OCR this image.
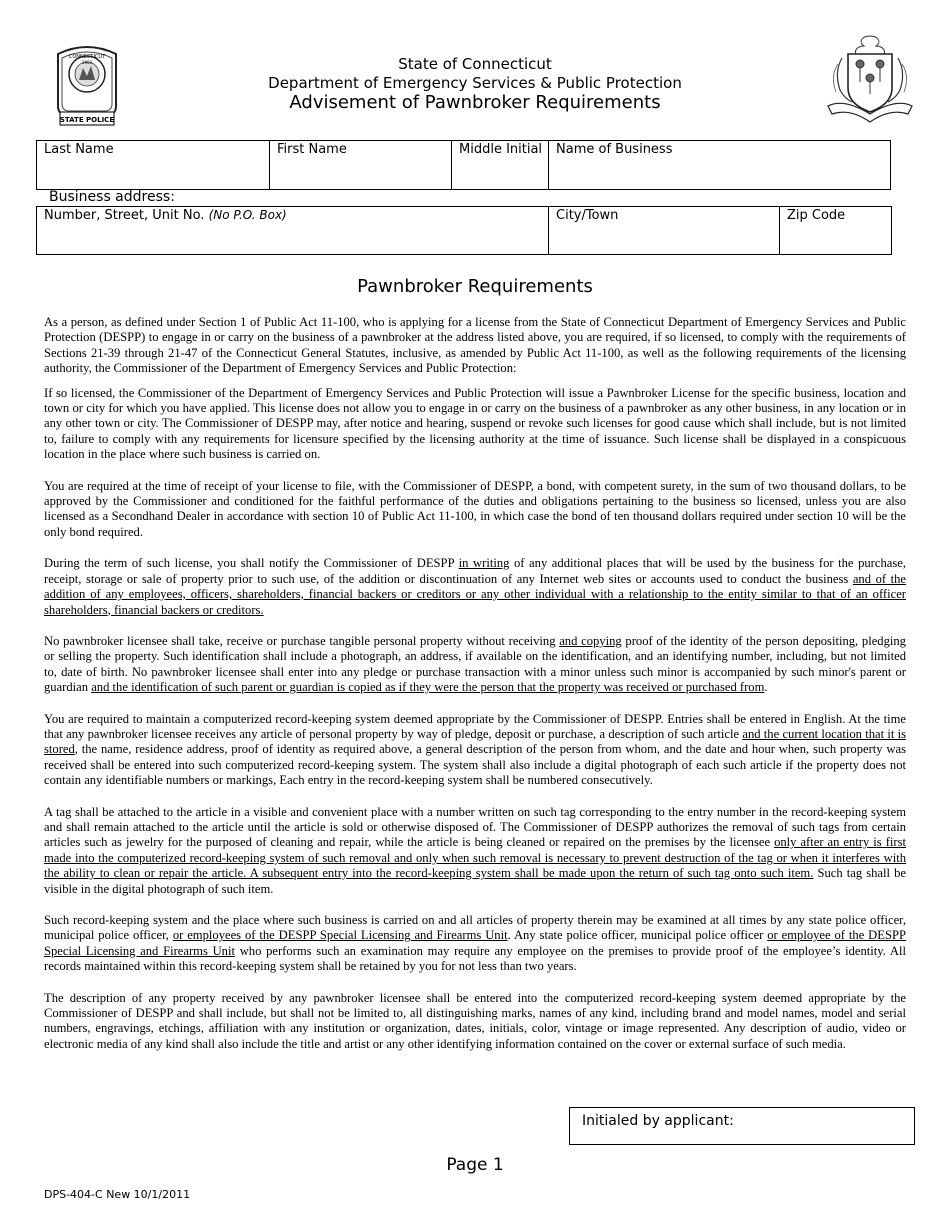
CONNECTICUT
1903
STATE POLICE
State of Connecticut
Department of Emergency Services & Public Protection
Advisement of Pawnbroker Requirements
Last Name	First Name	Middle Initial	Name of Business
Business address:
Number, Street, Unit No. (No P.O. Box)	City/Town	Zip Code
Pawnbroker Requirements

As a person, as defined under Section 1 of Public Act 11-100, who is applying for a license from the State of Connecticut Department of Emergency Services and Public Protection (DESPP) to engage in or carry on the business of a pawnbroker at the address listed above, you are required, if so licensed, to comply with the requirements of Sections 21-39 through 21-47 of the Connecticut General Statutes, inclusive, as amended by Public Act 11-100, as well as the following requirements of the licensing authority, the Commissioner of the Department of Emergency Services and Public Protection:

If so licensed, the Commissioner of the Department of Emergency Services and Public Protection will issue a Pawnbroker License for the specific business, location and town or city for which you have applied. This license does not allow you to engage in or carry on the business of a pawnbroker as any other business, in any location or in any other town or city. The Commissioner of DESPP may, after notice and hearing, suspend or revoke such licenses for good cause which shall include, but is not limited to, failure to comply with any requirements for licensure specified by the licensing authority at the time of issuance. Such license shall be displayed in a conspicuous location in the place where such business is carried on.

You are required at the time of receipt of your license to file, with the Commissioner of DESPP, a bond, with competent surety, in the sum of two thousand dollars, to be approved by the Commissioner and conditioned for the faithful performance of the duties and obligations pertaining to the business so licensed, unless you are also licensed as a Secondhand Dealer in accordance with section 10 of Public Act 11-100, in which case the bond of ten thousand dollars required under section 10 will be the only bond required.

During the term of such license, you shall notify the Commissioner of DESPP in writing of any additional places that will be used by the business for the purchase, receipt, storage or sale of property prior to such use, of the addition or discontinuation of any Internet web sites or accounts used to conduct the business and of the addition of any employees, officers, shareholders, financial backers or creditors or any other individual with a relationship to the entity similar to that of an officer shareholders, financial backers or creditors.

No pawnbroker licensee shall take, receive or purchase tangible personal property without receiving and copying proof of the identity of the person depositing, pledging or selling the property. Such identification shall include a photograph, an address, if available on the identification, and an identifying number, including, but not limited to, date of birth. No pawnbroker licensee shall enter into any pledge or purchase transaction with a minor unless such minor is accompanied by such minor's parent or guardian and the identification of such parent or guardian is copied as if they were the person that the property was received or purchased from.

You are required to maintain a computerized record-keeping system deemed appropriate by the Commissioner of DESPP. Entries shall be entered in English. At the time that any pawnbroker licensee receives any article of personal property by way of pledge, deposit or purchase, a description of such article and the current location that it is stored, the name, residence address, proof of identity as required above, a general description of the person from whom, and the date and hour when, such property was received shall be entered into such computerized record-keeping system. The system shall also include a digital photograph of each such article if the property does not contain any identifiable numbers or markings, Each entry in the record-keeping system shall be numbered consecutively.

A tag shall be attached to the article in a visible and convenient place with a number written on such tag corresponding to the entry number in the record-keeping system and shall remain attached to the article until the article is sold or otherwise disposed of. The Commissioner of DESPP authorizes the removal of such tags from certain articles such as jewelry for the purposed of cleaning and repair, while the article is being cleaned or repaired on the premises by the licensee only after an entry is first made into the computerized record-keeping system of such removal and only when such removal is necessary to prevent destruction of the tag or when it interferes with the ability to clean or repair the article. A subsequent entry into the record-keeping system shall be made upon the return of such tag onto such item. Such tag shall be visible in the digital photograph of such item.

Such record-keeping system and the place where such business is carried on and all articles of property therein may be examined at all times by any state police officer, municipal police officer, or employees of the DESPP Special Licensing and Firearms Unit. Any state police officer, municipal police officer or employee of the DESPP Special Licensing and Firearms Unit who performs such an examination may require any employee on the premises to provide proof of the employee’s identity. All records maintained within this record-keeping system shall be retained by you for not less than two years.

The description of any property received by any pawnbroker licensee shall be entered into the computerized record-keeping system deemed appropriate by the Commissioner of DESPP and shall include, but shall not be limited to, all distinguishing marks, names of any kind, including brand and model names, model and serial numbers, engravings, etchings, affiliation with any institution or organization, dates, initials, color, vintage or image represented. Any description of audio, video or electronic media of any kind shall also include the title and artist or any other identifying information contained on the cover or external surface of such media.

Initialed by applicant:
Page 1
DPS-404-C New 10/1/2011
